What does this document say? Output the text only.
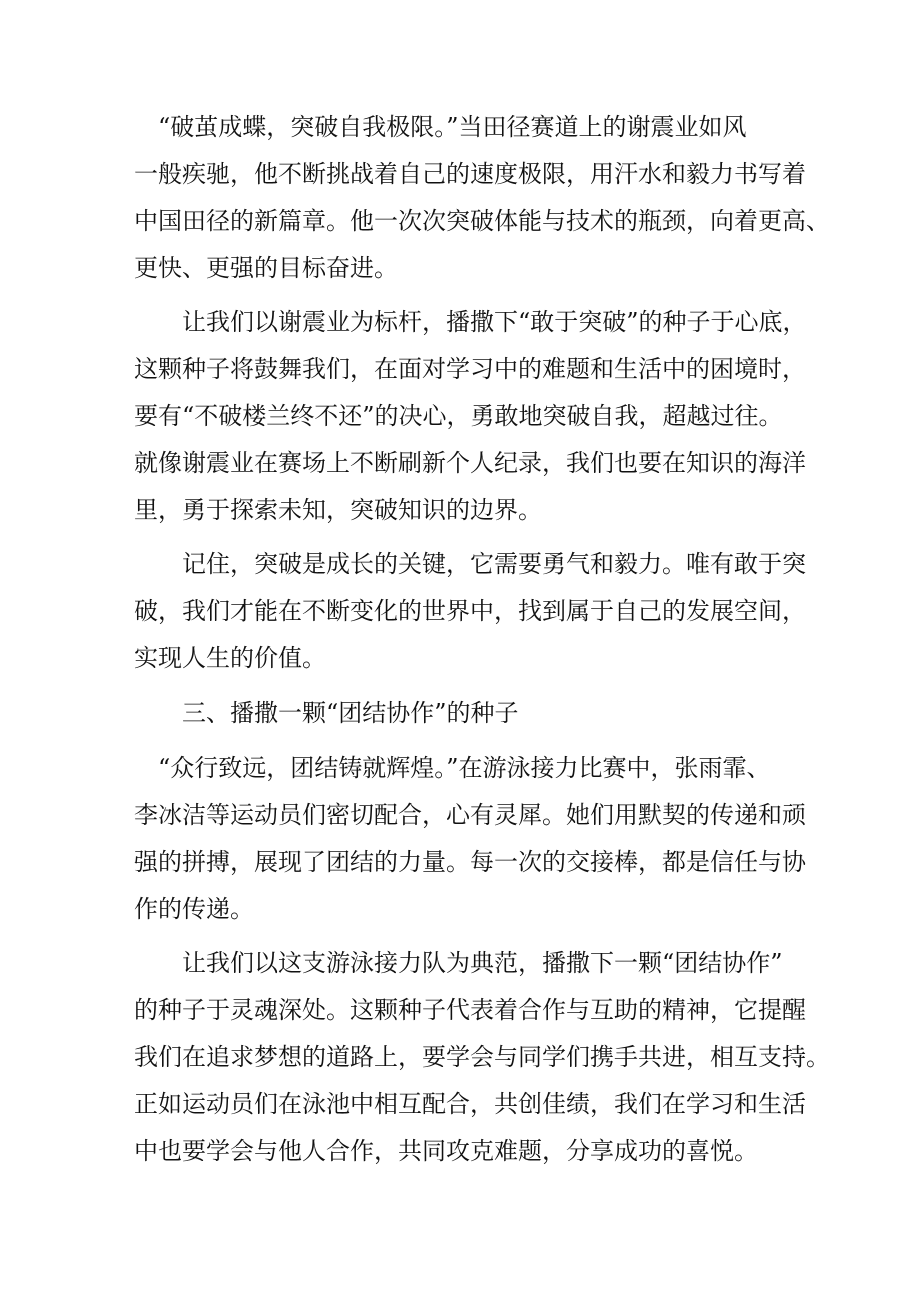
　“破茧成蝶，突破自我极限。”当田径赛道上的谢震业如风
一般疾驰，他不断挑战着自己的速度极限，用汗水和毅力书写着
中国田径的新篇章。他一次次突破体能与技术的瓶颈，向着更高、
更快、更强的目标奋进。
　　让我们以谢震业为标杆，播撒下“敢于突破”的种子于心底，
这颗种子将鼓舞我们，在面对学习中的难题和生活中的困境时，
要有“不破楼兰终不还”的决心，勇敢地突破自我，超越过往。
就像谢震业在赛场上不断刷新个人纪录，我们也要在知识的海洋
里，勇于探索未知，突破知识的边界。
　　记住，突破是成长的关键，它需要勇气和毅力。唯有敢于突
破，我们才能在不断变化的世界中，找到属于自己的发展空间，
实现人生的价值。
　　三、播撒一颗“团结协作”的种子
　“众行致远，团结铸就辉煌。”在游泳接力比赛中，张雨霏、
李冰洁等运动员们密切配合，心有灵犀。她们用默契的传递和顽
强的拼搏，展现了团结的力量。每一次的交接棒，都是信任与协
作的传递。
　　让我们以这支游泳接力队为典范，播撒下一颗“团结协作”
的种子于灵魂深处。这颗种子代表着合作与互助的精神，它提醒
我们在追求梦想的道路上，要学会与同学们携手共进，相互支持。
正如运动员们在泳池中相互配合，共创佳绩，我们在学习和生活
中也要学会与他人合作，共同攻克难题，分享成功的喜悦。
